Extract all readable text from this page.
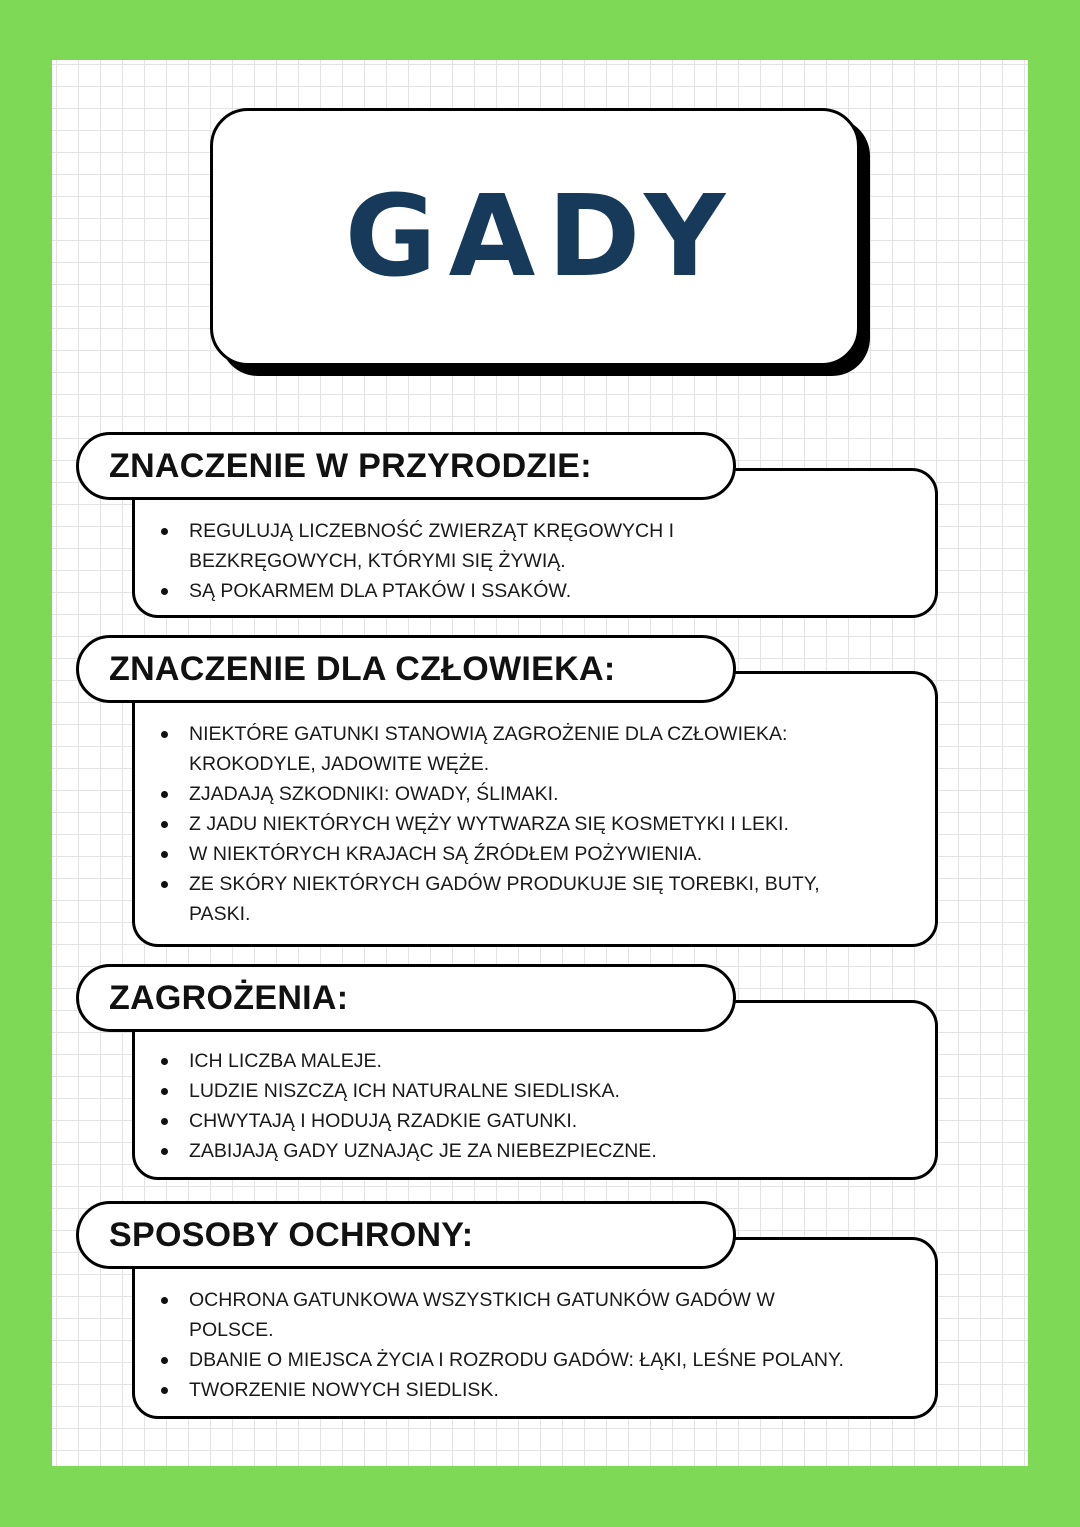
GADY
ZNACZENIE W PRZYRODZIE:
REGULUJĄ LICZEBNOŚĆ ZWIERZĄT KRĘGOWYCH I BEZKRĘGOWYCH, KTÓRYMI SIĘ ŻYWIĄ.
SĄ POKARMEM DLA PTAKÓW I SSAKÓW.
ZNACZENIE DLA CZŁOWIEKA:
NIEKTÓRE GATUNKI STANOWIĄ ZAGROŻENIE DLA CZŁOWIEKA: KROKODYLE, JADOWITE WĘŻE.
ZJADAJĄ SZKODNIKI: OWADY, ŚLIMAKI.
Z JADU NIEKTÓRYCH WĘŻY WYTWARZA SIĘ KOSMETYKI I LEKI.
W NIEKTÓRYCH KRAJACH SĄ ŹRÓDŁEM POŻYWIENIA.
ZE SKÓRY NIEKTÓRYCH GADÓW PRODUKUJE SIĘ TOREBKI, BUTY, PASKI.
ZAGROŻENIA:
ICH LICZBA MALEJE.
LUDZIE NISZCZĄ ICH NATURALNE SIEDLISKA.
CHWYTAJĄ I HODUJĄ RZADKIE GATUNKI.
ZABIJAJĄ GADY UZNAJĄC JE ZA NIEBEZPIECZNE.
SPOSOBY OCHRONY:
OCHRONA GATUNKOWA WSZYSTKICH GATUNKÓW GADÓW W POLSCE.
DBANIE O MIEJSCA ŻYCIA I ROZRODU GADÓW: ŁĄKI, LEŚNE POLANY.
TWORZENIE NOWYCH SIEDLISK.
